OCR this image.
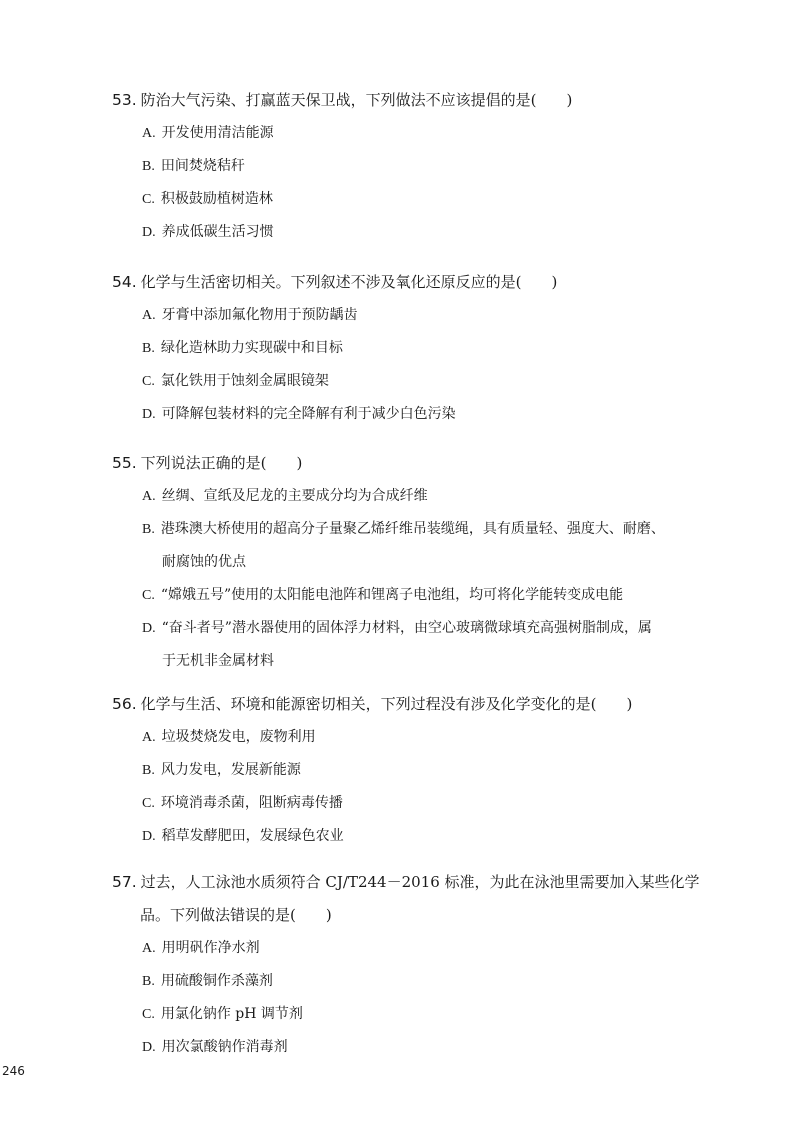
53. 防治大气污染、打赢蓝天保卫战，下列做法不应该提倡的是(　　)
A. 开发使用清洁能源
B. 田间焚烧秸秆
C. 积极鼓励植树造林
D. 养成低碳生活习惯
54. 化学与生活密切相关。下列叙述不涉及氧化还原反应的是(　　)
A. 牙膏中添加氟化物用于预防龋齿
B. 绿化造林助力实现碳中和目标
C. 氯化铁用于蚀刻金属眼镜架
D. 可降解包装材料的完全降解有利于减少白色污染
55. 下列说法正确的是(　　)
A. 丝绸、宣纸及尼龙的主要成分均为合成纤维
B. 港珠澳大桥使用的超高分子量聚乙烯纤维吊装缆绳，具有质量轻、强度大、耐磨、
耐腐蚀的优点
C. “嫦娥五号”使用的太阳能电池阵和锂离子电池组，均可将化学能转变成电能
D. “奋斗者号”潜水器使用的固体浮力材料，由空心玻璃微球填充高强树脂制成，属
于无机非金属材料
56. 化学与生活、环境和能源密切相关，下列过程没有涉及化学变化的是(　　)
A. 垃圾焚烧发电，废物利用
B. 风力发电，发展新能源
C. 环境消毒杀菌，阻断病毒传播
D. 稻草发酵肥田，发展绿色农业
57. 过去，人工泳池水质须符合 CJ/T244－2016 标准，为此在泳池里需要加入某些化学
品。下列做法错误的是(　　)
A. 用明矾作净水剂
B. 用硫酸铜作杀藻剂
C. 用氯化钠作 pH 调节剂
D. 用次氯酸钠作消毒剂
246
